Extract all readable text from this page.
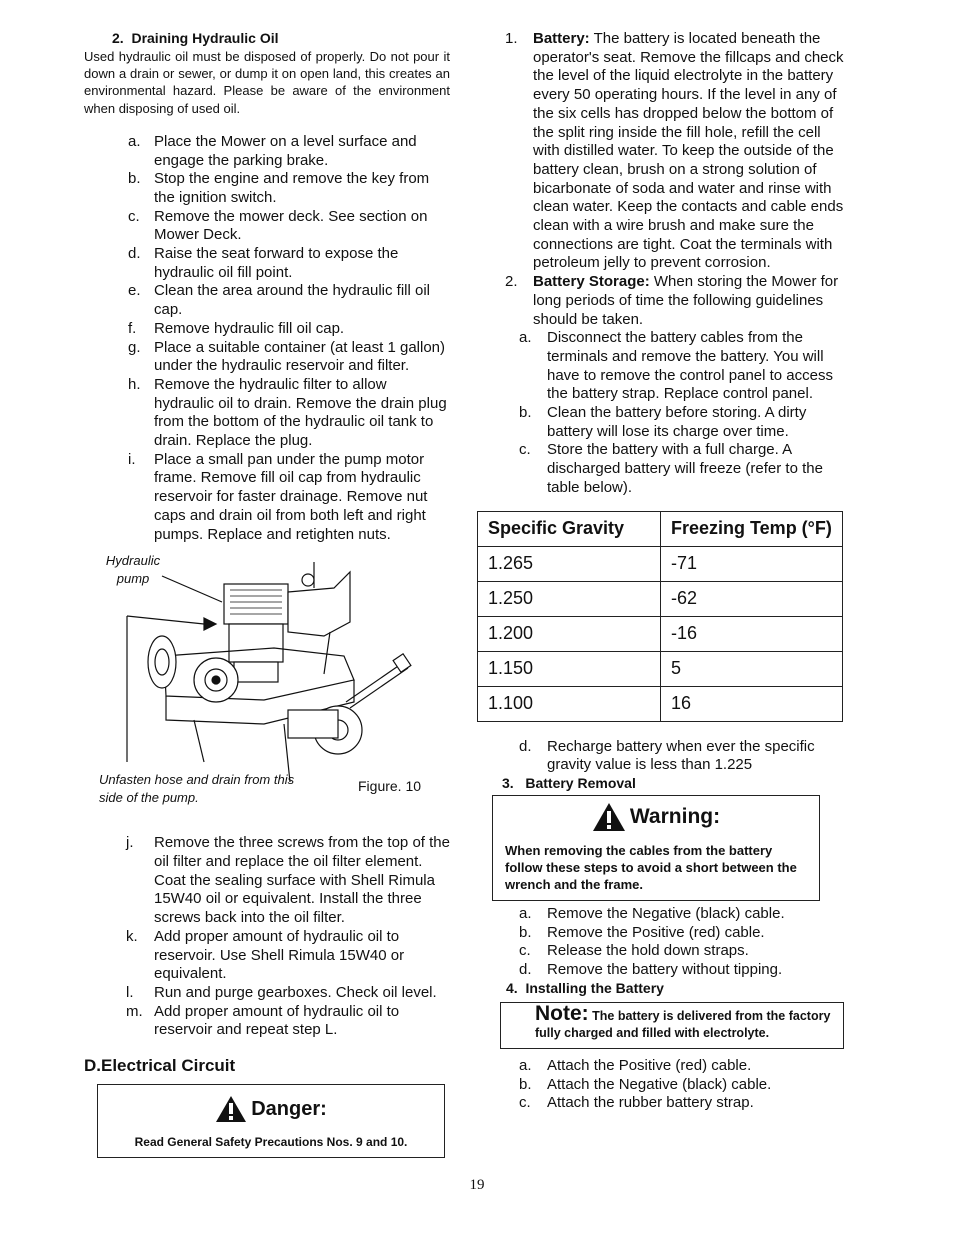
2.  Draining Hydraulic Oil

Used hydraulic oil must be disposed of properly. Do not pour it down a drain or sewer, or dump it on open land, this creates an environmental hazard. Please be aware of the environment when disposing of used oil.

a. Place the Mower on a level surface and engage the parking brake.
b. Stop the engine and remove the key from the ignition switch.
c. Remove the mower deck. See section on Mower Deck.
d. Raise the seat forward to expose the hydraulic oil fill point.
e. Clean the area around the hydraulic fill oil cap.
f. Remove hydraulic fill oil cap.
g. Place a suitable container (at least 1 gallon) under the hydraulic reservoir and filter.
h. Remove the hydraulic filter to allow hydraulic oil to drain. Remove the drain plug from the bottom of the hydraulic oil tank to drain. Replace the plug.
i. Place a small pan under the pump motor frame. Remove fill oil cap from hydraulic reservoir for faster drainage. Remove nut caps and drain oil from both left and right pumps. Replace and retighten nuts.
Hydraulic pump
Unfasten hose and drain from this side of the pump.
Figure. 10
j. Remove the three screws from the top of the oil filter and replace the oil filter element. Coat the sealing surface with Shell Rimula 15W40 oil or equivalent. Install the three screws back into the oil filter.
k. Add proper amount of hydraulic oil to reservoir. Use Shell Rimula 15W40 or equivalent.
l. Run and purge gearboxes. Check oil level.
m. Add proper amount of hydraulic oil to reservoir and repeat step L.
D.Electrical Circuit
Danger:
Read General Safety Precautions Nos. 9 and 10.
1. Battery: The battery is located beneath the operator's seat. Remove the fillcaps and check the level of the liquid electrolyte in the battery every 50 operating hours. If the level in any of the six cells has dropped below the bottom of the split ring inside the fill hole, refill the cell with distilled water. To keep the outside of the battery clean, brush on a strong solution of bicarbonate of soda and water and rinse with clean water. Keep the contacts and cable ends clean with a wire brush and make sure the connections are tight. Coat the terminals with petroleum jelly to prevent corrosion.
2. Battery Storage: When storing the Mower for long periods of time the following guidelines should be taken.
a. Disconnect the battery cables from the terminals and remove the battery. You will have to remove the control panel to access the battery strap. Replace control panel.
b. Clean the battery before storing. A dirty battery will lose its charge over time.
c. Store the battery with a full charge. A discharged battery will freeze (refer to the table below).
Specific Gravity	Freezing Temp (°F)
1.265	-71
1.250	-62
1.200	-16
1.150	5
1.100	16
d. Recharge battery when ever the specific gravity value is less than 1.225
3.   Battery Removal
Warning:
When removing the cables from the battery follow these steps to avoid a short between the wrench and the frame.
a. Remove the Negative (black) cable.
b. Remove the Positive (red) cable.
c. Release the hold down straps.
d. Remove the battery without tipping.
4.  Installing the Battery
Note: The battery is delivered from the factory fully charged and filled with electrolyte.
a. Attach the Positive (red) cable.
b. Attach the Negative (black) cable.
c. Attach the rubber battery strap.
19
